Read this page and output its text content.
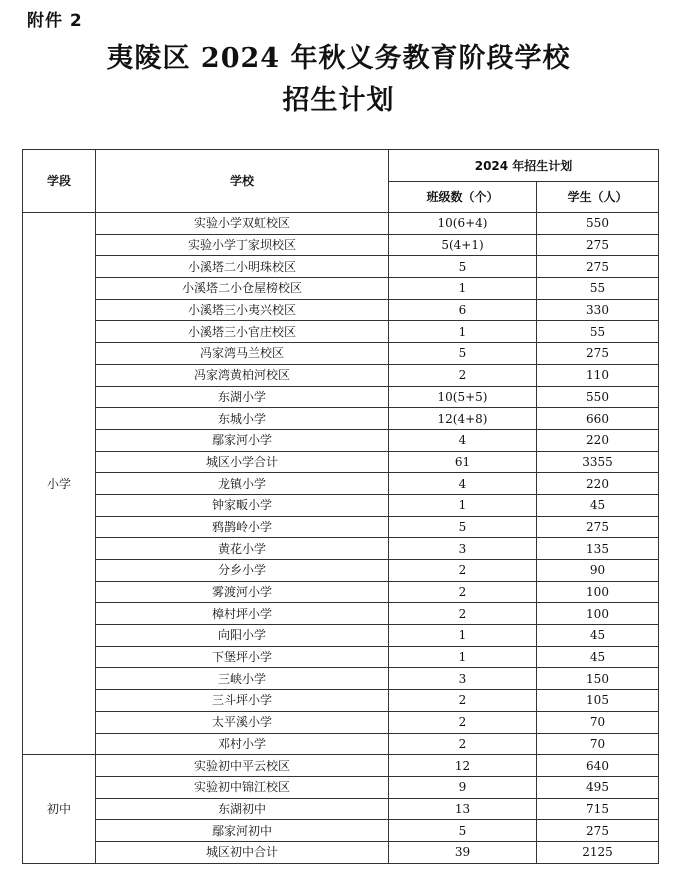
附件 2
夷陵区 2024 年秋义务教育阶段学校
招生计划
学段	学校	2024 年招生计划	
		班级数（个）	学生（人）
小学	实验小学双虹校区	10(6+4)	550
	实验小学丁家坝校区	5(4+1)	275
	小溪塔二小明珠校区	5	275
	小溪塔二小仓屋榜校区	1	55
	小溪塔三小夷兴校区	6	330
	小溪塔三小官庄校区	1	55
	冯家湾马兰校区	5	275
	冯家湾黄柏河校区	2	110
	东湖小学	10(5+5)	550
	东城小学	12(4+8)	660
	鄢家河小学	4	220
	城区小学合计	61	3355
	龙镇小学	4	220
	钟家畈小学	1	45
	鸦鹊岭小学	5	275
	黄花小学	3	135
	分乡小学	2	90
	雾渡河小学	2	100
	樟村坪小学	2	100
	向阳小学	1	45
	下堡坪小学	1	45
	三峡小学	3	150
	三斗坪小学	2	105
	太平溪小学	2	70
	邓村小学	2	70
初中	实验初中平云校区	12	640
	实验初中锦江校区	9	495
	东湖初中	13	715
	鄢家河初中	5	275
	城区初中合计	39	2125
